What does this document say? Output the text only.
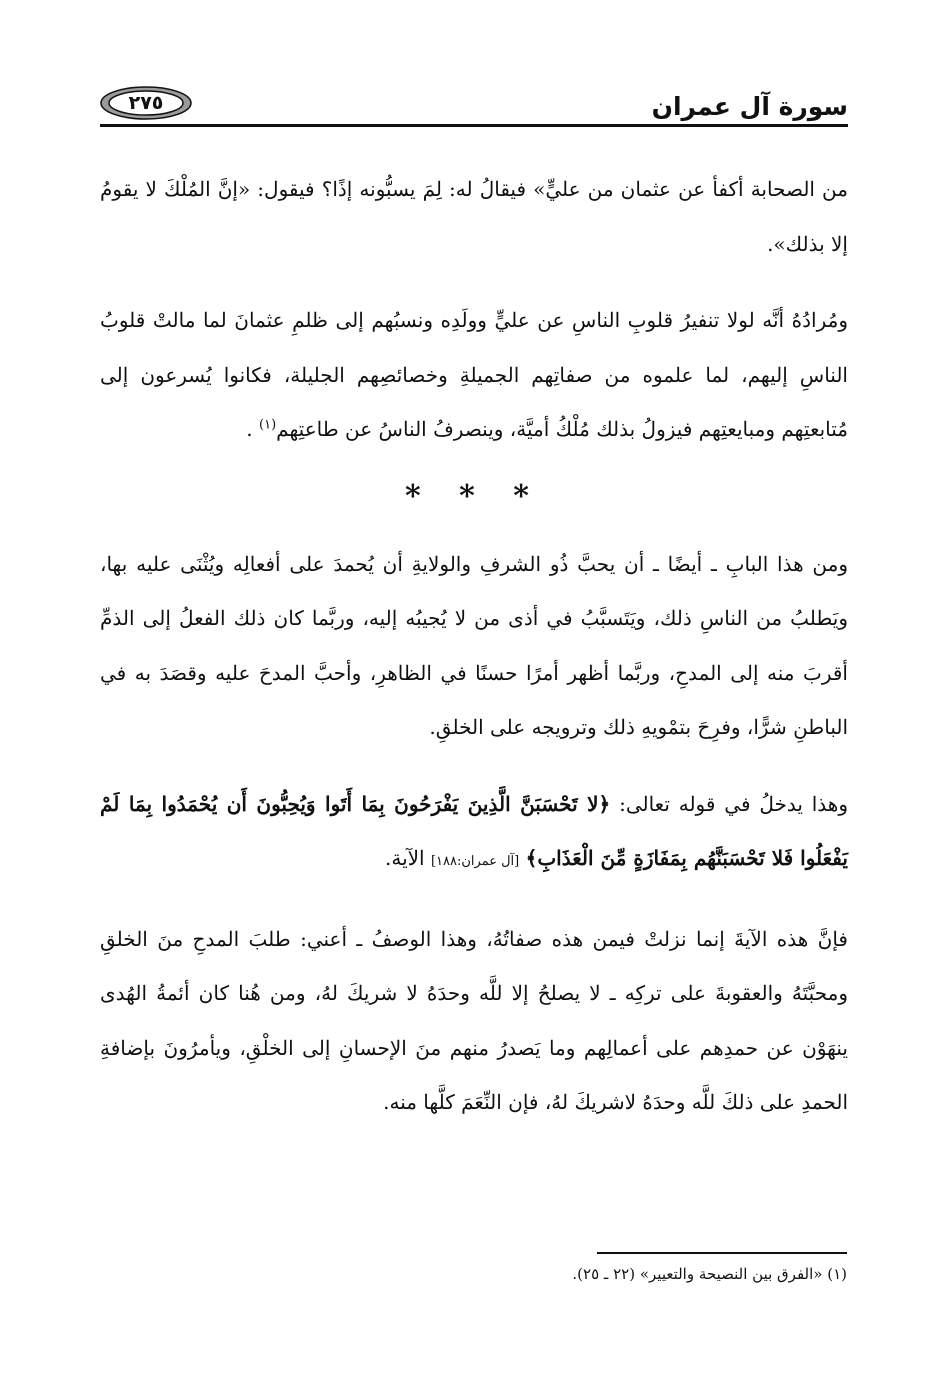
سورة آل عمران
٢٧٥

من الصحابة أكفأ عن عثمان من عليٍّ» فيقالُ له: لِمَ يسبُّونه إذًا؟ فيقول: «إنَّ المُلْكَ لا يقومُ إلا بذلك».

ومُرادُهُ أنَّه لولا تنفيرُ قلوبِ الناسِ عن عليٍّ وولَدِه ونسبُهم إلى ظلمِ عثمانَ لما مالتْ قلوبُ الناسِ إليهم، لما علموه من صفاتِهم الجميلةِ وخصائصِهم الجليلة، فكانوا يُسرعون إلى مُتابعتِهم ومبايعتِهم فيزولُ بذلك مُلْكُ أميَّة، وينصرفُ الناسُ عن طاعتِهم$^{(١)}$ .

* * *

ومن هذا البابِ ـ أيضًا ـ أن يحبَّ ذُو الشرفِ والولايةِ أن يُحمدَ على أفعالِه ويُثْنَى عليه بها، ويَطلبُ من الناسِ ذلك، ويَتَسبَّبُ في أذى من لا يُجيبُه إليه، وربَّما كان ذلك الفعلُ إلى الذمِّ أقربَ منه إلى المدحِ، وربَّما أظهر أمرًا حسنًا في الظاهرِ، وأحبَّ المدحَ عليه وقصَدَ به في الباطنِ شرًّا، وفرِحَ بتمْويهِ ذلك وترويجه على الخلقِ.

وهذا يدخلُ في قوله تعالى: ﴿لا تَحْسَبَنَّ الَّذِينَ يَفْرَحُونَ بِمَا أَتَوا وَيُحِبُّونَ أَن يُحْمَدُوا بِمَا لَمْ يَفْعَلُوا فَلا تَحْسَبَنَّهُم بِمَفَازَةٍ مِّنَ الْعَذَابِ﴾ [آل عمران:١٨٨] الآية.

فإنَّ هذه الآيةَ إنما نزلتْ فيمن هذه صفاتُهُ، وهذا الوصفُ ـ أعني: طلبَ المدحِ منَ الخلقِ ومحبَّتَهُ والعقوبةَ على تركِه ـ لا يصلحُ إلا للَّه وحدَهُ لا شريكَ لهُ، ومن هُنا كان أئمةُ الهُدى ينهَوْن عن حمدِهم على أعمالِهم وما يَصدرُ منهم منَ الإحسانِ إلى الخلْقِ، ويأمرُونَ بإضافةِ الحمدِ على ذلكَ للَّه وحدَهُ لاشريكَ لهُ، فإن النِّعَمَ كلَّها منه.

(١) «الفرق بين النصيحة والتعيير» (٢٢ ـ ٢٥).
